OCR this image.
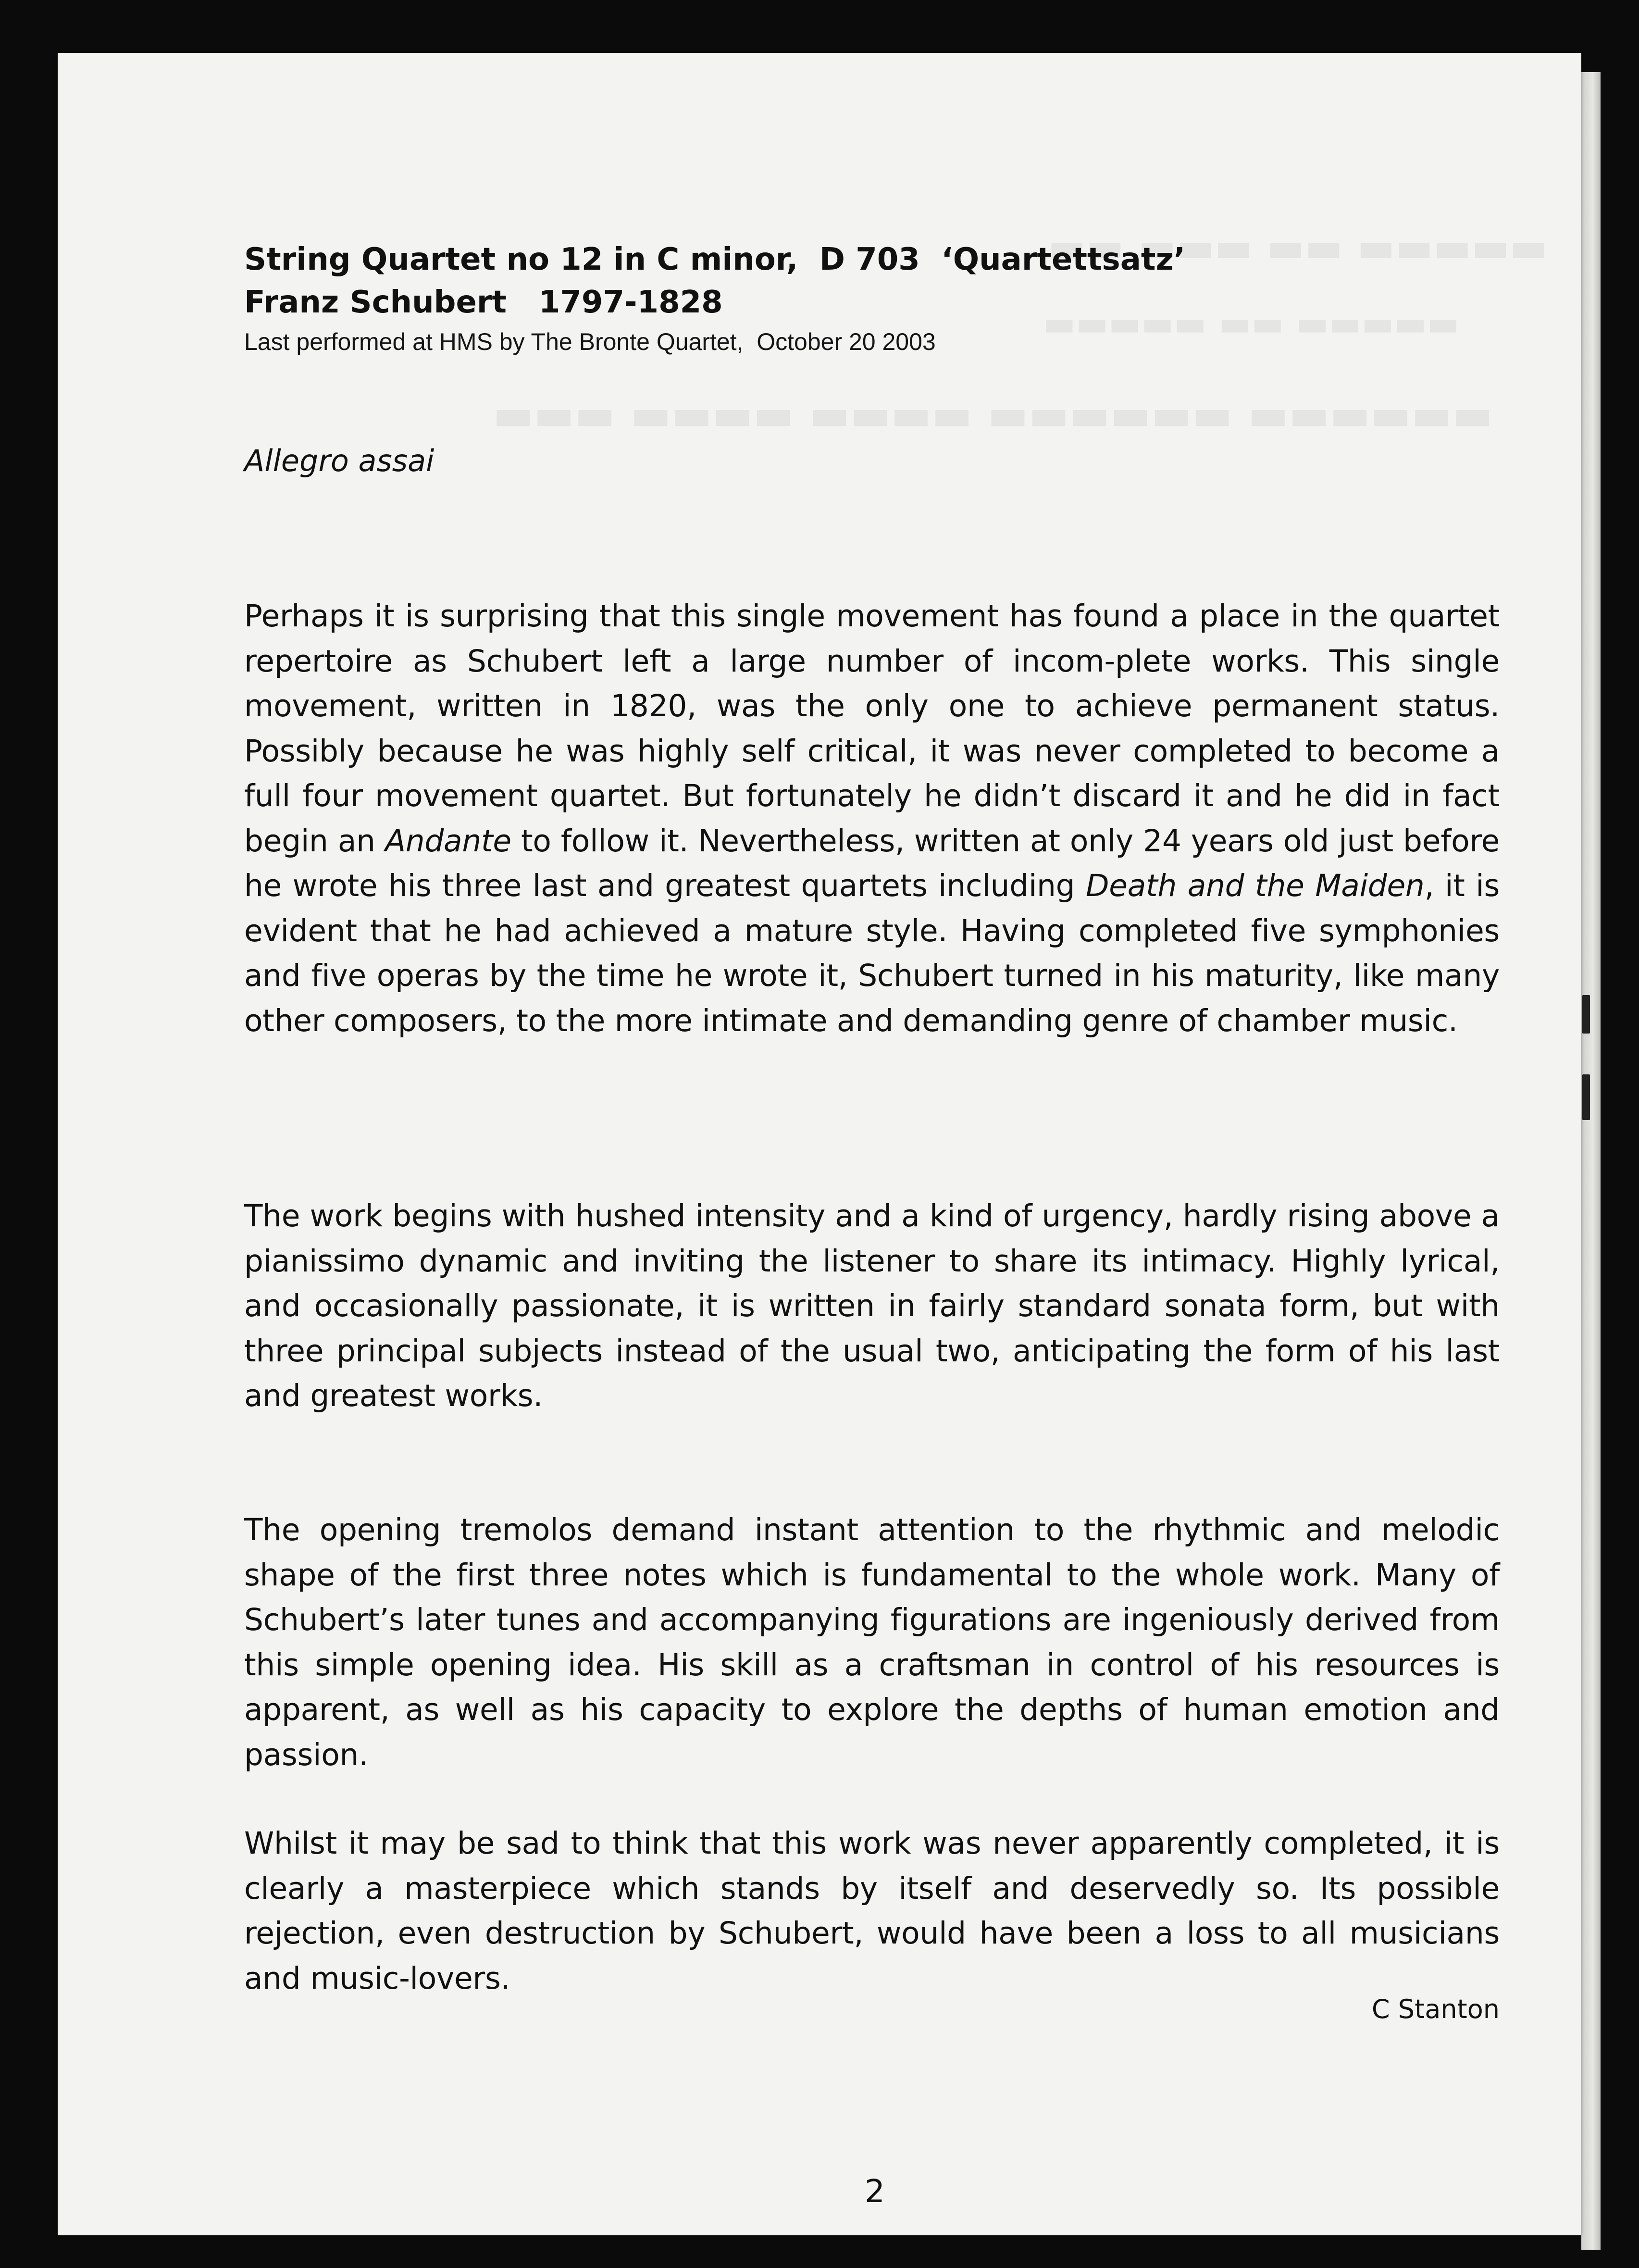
▬▬ ▬▬▬ ▬▬ ▬▬▬▬▬
▬▬▬▬▬ ▬▬ ▬▬▬▬▬
▬▬▬ ▬▬▬▬ ▬▬▬▬ ▬▬▬▬▬▬ ▬▬▬▬▬▬
String Quartet no 12 in C minor,  D 703  ‘Quartettsatz’
Franz Schubert   1797-1828
Last performed at HMS by The Bronte Quartet,  October 20 2003
Allegro assai
Perhaps it is surprising that this single movement has found a place in the quartet repertoire as Schubert left a large number of incom-plete works. This single movement, written in 1820, was the only one to achieve permanent status. Possibly because he was highly self critical, it was never completed to become a full four movement quartet. But fortunately he didn’t discard it and he did in fact begin an Andante to follow it. Nevertheless, written at only 24 years old just before he wrote his three last and greatest quartets including Death and the Maiden, it is evident that he had achieved a mature style. Having completed five symphonies and five operas by the time he wrote it, Schubert turned in his maturity, like many other composers, to the more intimate and demanding genre of chamber music.
The work begins with hushed intensity and a kind of urgency, hardly rising above a pianissimo dynamic and inviting the listener to share its intimacy. Highly lyrical, and occasionally passionate, it is written in fairly standard sonata form, but with three principal subjects instead of the usual two, anticipating the form of his last and greatest works.
The opening tremolos demand instant attention to the rhythmic and melodic shape of the first three notes which is fundamental to the whole work. Many of Schubert’s later tunes and accompanying figurations are ingeniously derived from this simple opening idea. His skill as a craftsman in control of his resources is apparent, as well as his capacity to explore the depths of human emotion and passion.
Whilst it may be sad to think that this work was never apparently completed, it is clearly a masterpiece which stands by itself and deservedly so. Its possible rejection, even destruction by Schubert, would have been a loss to all musicians and music-lovers.
C Stanton
2
